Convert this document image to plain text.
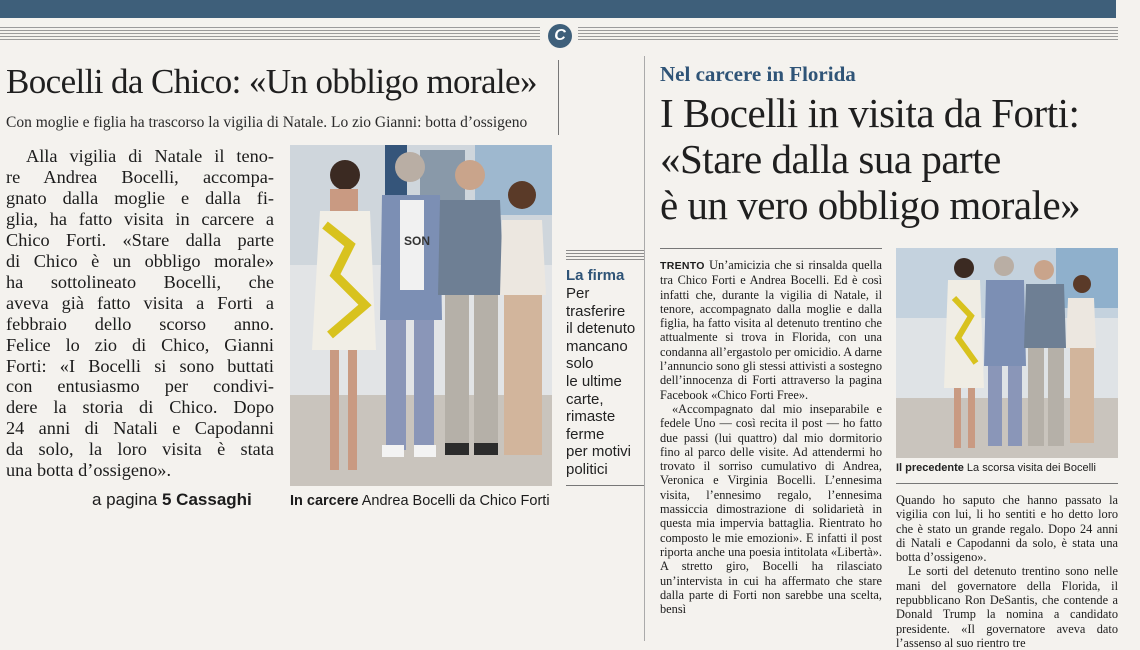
C
Bocelli da Chico: «Un obbligo morale»
Con moglie e figlia ha trascorso la vigilia di Natale. Lo zio Gianni: botta d’ossigeno
Alla vigilia di Natale il teno-
re Andrea Bocelli, accompa-
gnato dalla moglie e dalla fi-
glia, ha fatto visita in carcere a
Chico Forti. «Stare dalla parte
di Chico è un obbligo morale»
ha sottolineato Bocelli, che
aveva già fatto visita a Forti a
febbraio dello scorso anno.
Felice lo zio di Chico, Gianni
Forti: «I Bocelli si sono buttati
con entusiasmo per condivi-
dere la storia di Chico. Dopo
24 anni di Natali e Capodanni
da solo, la loro visita è stata
una botta d’ossigeno».
a pagina 5 Cassaghi
SON
In carcere Andrea Bocelli da Chico Forti
La firma
Per
trasferire
il detenuto
mancano
solo
le ultime
carte,
rimaste
ferme
per motivi
politici
Nel carcere in Florida
I Bocelli in visita da Forti:
«Stare dalla sua parte
è un vero obbligo morale»

TRENTO Un’amicizia che si rinsalda quella tra Chico Forti e Andrea Bocelli. Ed è così infatti che, durante la vigilia di Natale, il tenore, accompagnato dalla moglie e dalla figlia, ha fatto visita al detenuto trentino che attualmente si trova in Florida, con una condanna all’ergastolo per omicidio. A darne l’annuncio sono gli stessi attivisti a sostegno dell’innocenza di Forti attraverso la pagina Facebook «Chico Forti Free».

«Accompagnato dal mio inseparabile e fedele Uno — così recita il post — ho fatto due passi (lui quattro) dal mio dormitorio fino al parco delle visite. Ad attendermi ho trovato il sorriso cumulativo di Andrea, Veronica e Virginia Bocelli. L’ennesima visita, l’ennesimo regalo, l’ennesima massiccia dimostrazione di solidarietà in questa mia impervia battaglia. Rientrato ho composto le mie emozioni». E infatti il post riporta anche una poesia intitolata «Libertà». A stretto giro, Bocelli ha rilasciato un’intervista in cui ha affermato che stare dalla parte di Forti non sarebbe una scelta, bensì

Il precedente La scorsa visita dei Bocelli

Quando ho saputo che hanno passato la vigilia con lui, li ho sentiti e ho detto loro che è stato un grande regalo. Dopo 24 anni di Natali e Capodanni da solo, è stata una botta d’ossigeno».

Le sorti del detenuto trentino sono nelle mani del governatore della Florida, il repubblicano Ron DeSantis, che contende a Donald Trump la nomina a candidato presidente. «Il governatore aveva dato l’assenso al suo rientro tre
